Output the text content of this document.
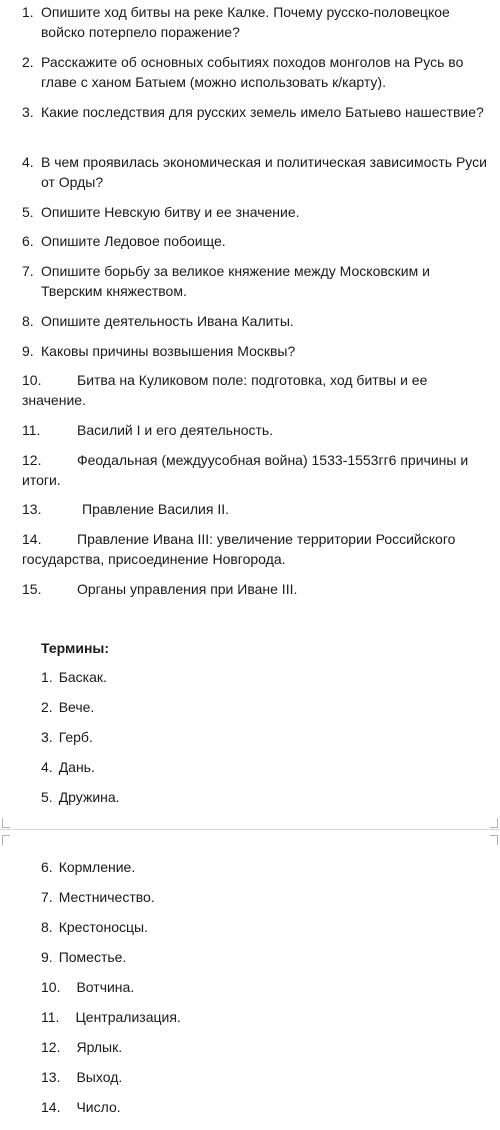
1. Опишите ход битвы на реке Калке. Почему русско-половецкое войско потерпело поражение?
2. Расскажите об основных событиях походов монголов на Русь во главе с ханом Батыем (можно использовать к/карту).
3. Какие последствия для русских земель имело Батыево нашествие?
4. В чем проявилась экономическая и политическая зависимость Руси от Орды?
5. Опишите Невскую битву и ее значение.
6. Опишите Ледовое побоище.
7. Опишите борьбу за великое княжение между Московским и Тверским княжеством.
8. Опишите деятельность Ивана Калиты.
9. Каковы причины возвышения Москвы?
10.	Битва на Куликовом поле: подготовка, ход битвы и ее значение.
11.	Василий I и его деятельность.
12.	Феодальная (междуусобная война) 1533-1553гг6 причины и итоги.
13.	Правление Василия II.
14.	Правление Ивана III: увеличение территории Российского государства, присоединение Новгорода.
15.	Органы управления при Иване III.
Термины:
1. Баскак.
2. Вече.
3. Герб.
4. Дань.
5. Дружина.
6. Кормление.
7. Местничество.
8. Крестоносцы.
9. Поместье.
10. Вотчина.
11. Централизация.
12. Ярлык.
13. Выход.
14. Число.
